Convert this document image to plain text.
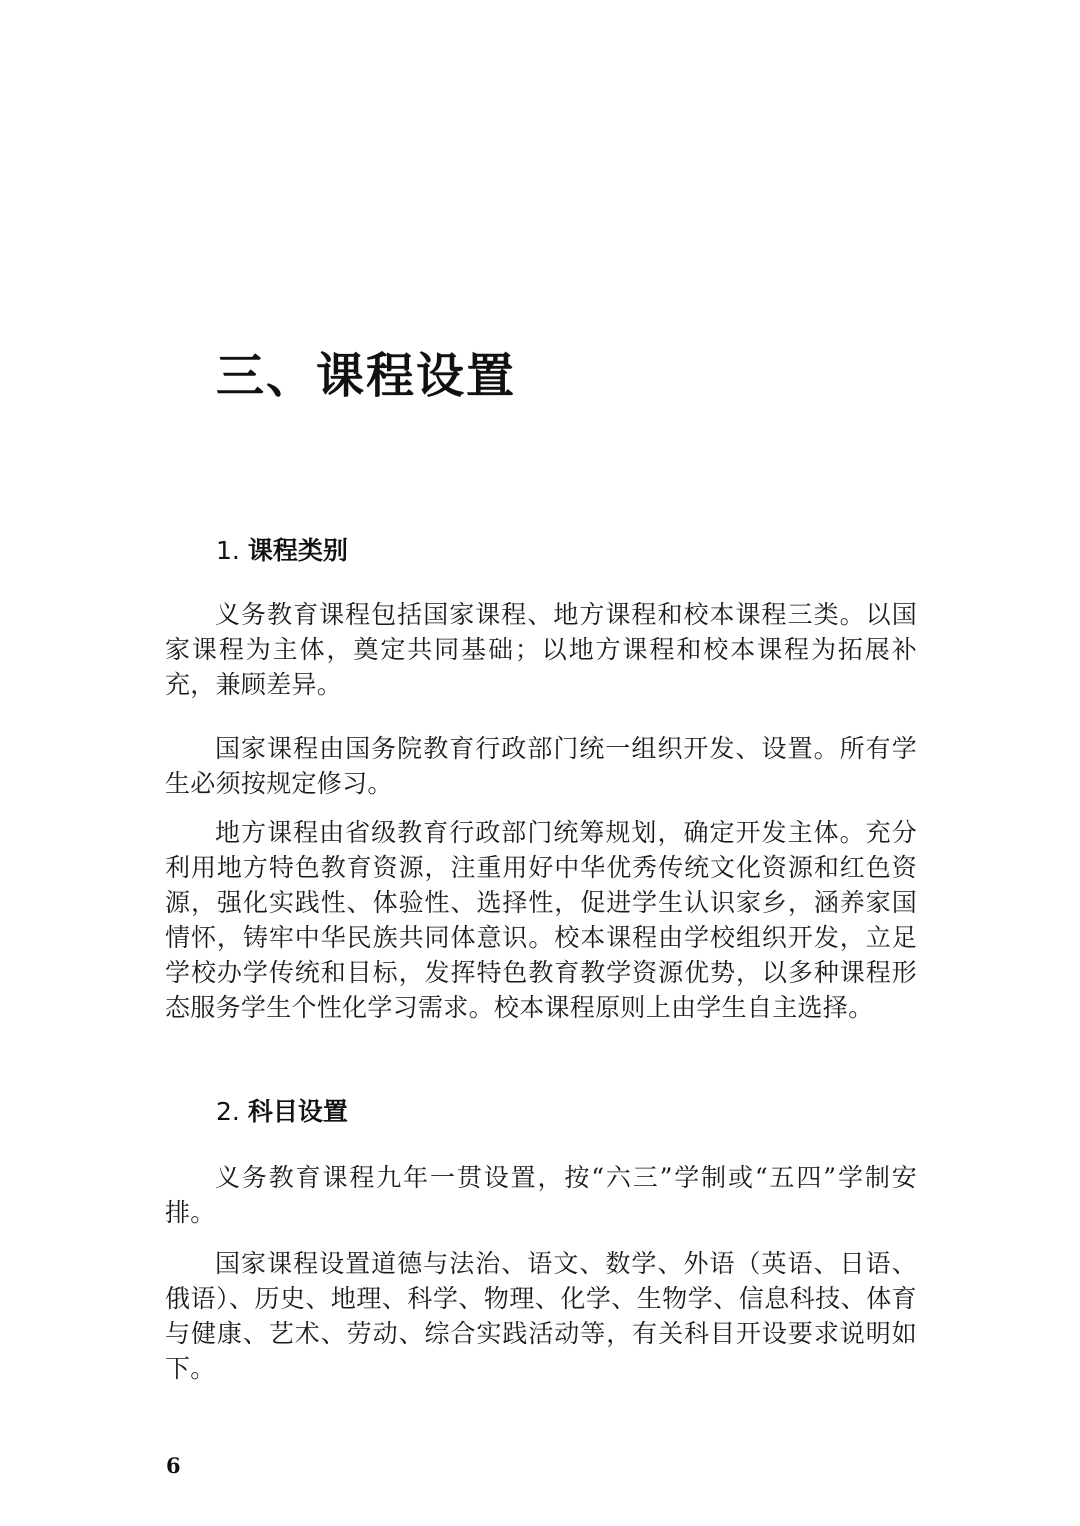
三、课程设置
1. 课程类别

义务教育课程包括国家课程、地方课程和校本课程三类。以国家课程为主体，奠定共同基础；以地方课程和校本课程为拓展补充，兼顾差异。

国家课程由国务院教育行政部门统一组织开发、设置。所有学生必须按规定修习。

地方课程由省级教育行政部门统筹规划，确定开发主体。充分利用地方特色教育资源，注重用好中华优秀传统文化资源和红色资源，强化实践性、体验性、选择性，促进学生认识家乡，涵养家国情怀，铸牢中华民族共同体意识。校本课程由学校组织开发，立足学校办学传统和目标，发挥特色教育教学资源优势，以多种课程形态服务学生个性化学习需求。校本课程原则上由学生自主选择。

2. 科目设置

义务教育课程九年一贯设置，按“六三”学制或“五四”学制安排。

国家课程设置道德与法治、语文、数学、外语（英语、日语、俄语）、历史、地理、科学、物理、化学、生物学、信息科技、体育与健康、艺术、劳动、综合实践活动等，有关科目开设要求说明如下。

6
